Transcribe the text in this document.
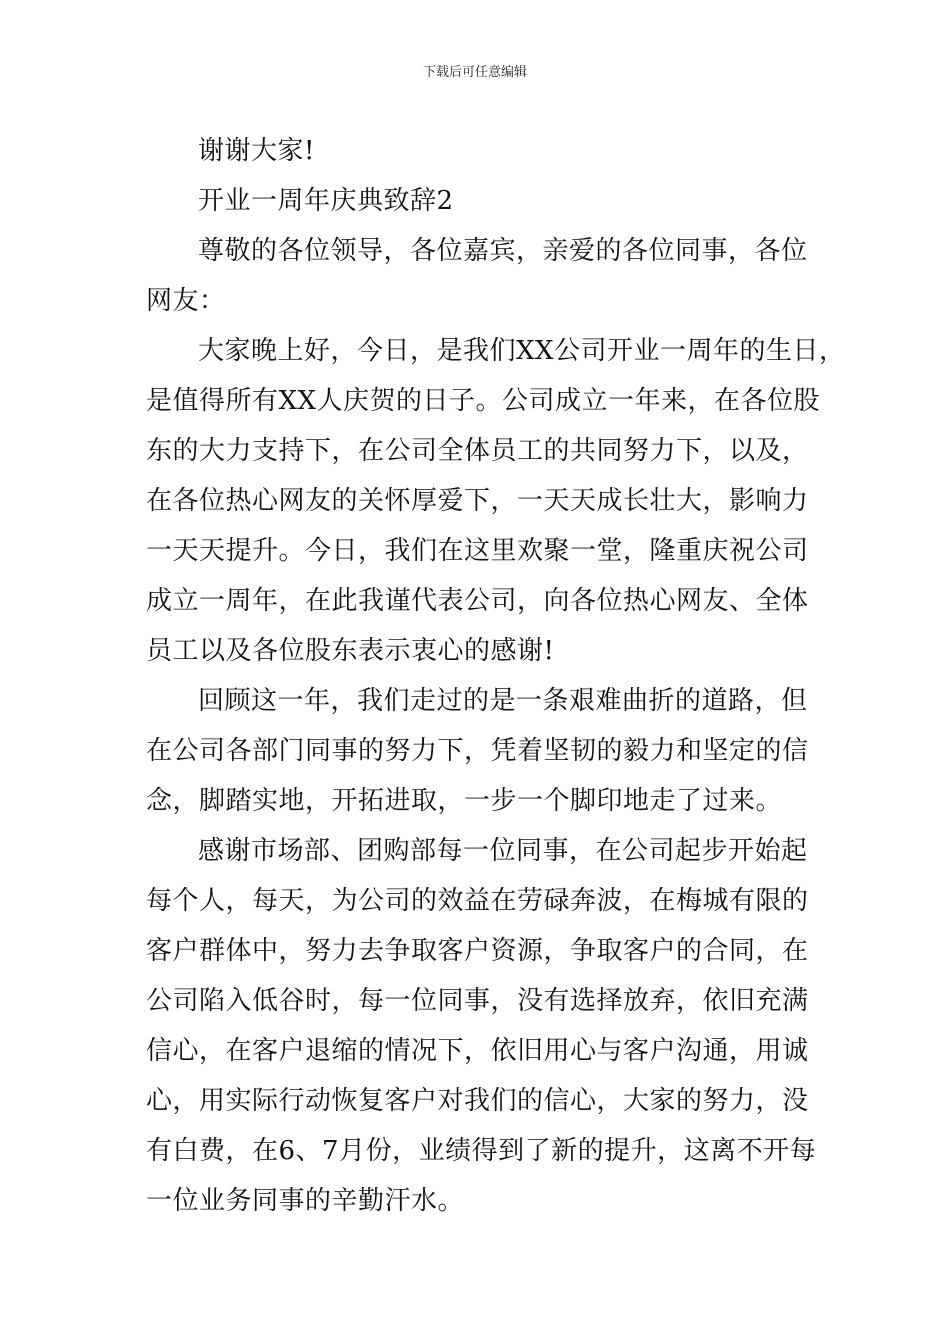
下载后可任意编辑

谢谢大家!

开业一周年庆典致辞2

尊敬的各位领导，各位嘉宾，亲爱的各位同事，各位
网友：

大家晚上好，今日，是我们XX公司开业一周年的生日，
是值得所有XX人庆贺的日子。公司成立一年来，在各位股
东的大力支持下，在公司全体员工的共同努力下，以及，
在各位热心网友的关怀厚爱下，一天天成长壮大，影响力
一天天提升。今日，我们在这里欢聚一堂，隆重庆祝公司
成立一周年，在此我谨代表公司，向各位热心网友、全体
员工以及各位股东表示衷心的感谢!

回顾这一年，我们走过的是一条艰难曲折的道路，但
在公司各部门同事的努力下，凭着坚韧的毅力和坚定的信
念，脚踏实地，开拓进取，一步一个脚印地走了过来。

感谢市场部、团购部每一位同事，在公司起步开始起
每个人，每天，为公司的效益在劳碌奔波，在梅城有限的
客户群体中，努力去争取客户资源，争取客户的合同，在
公司陷入低谷时，每一位同事，没有选择放弃，依旧充满
信心，在客户退缩的情况下，依旧用心与客户沟通，用诚
心，用实际行动恢复客户对我们的信心，大家的努力，没
有白费，在6、7月份，业绩得到了新的提升，这离不开每
一位业务同事的辛勤汗水。
